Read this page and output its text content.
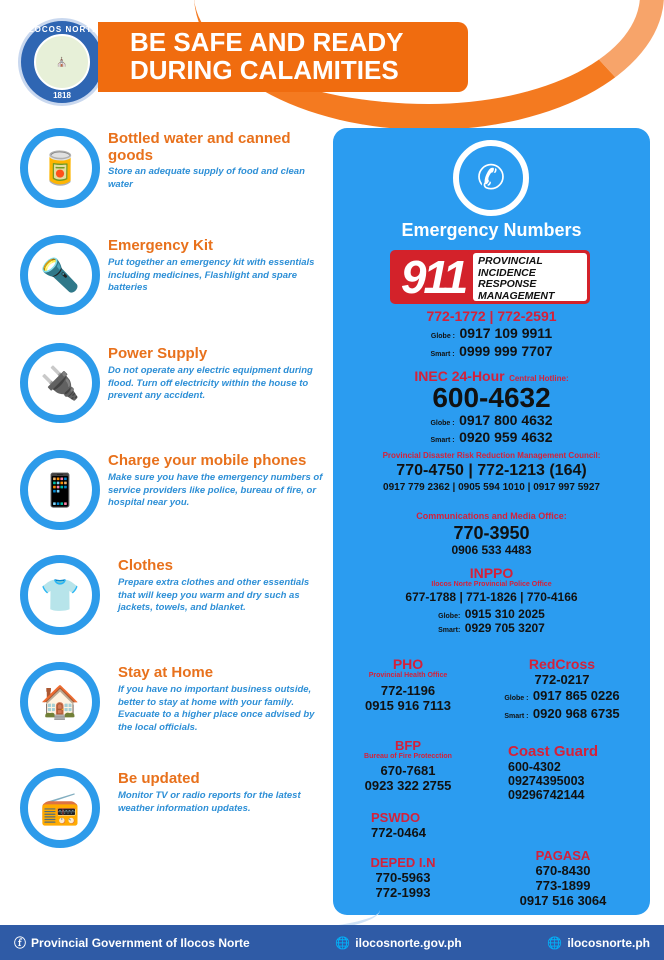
ILOCOS NORTE
⛪
1818
BE SAFE AND READY
DURING CALAMITIES
🥫
Bottled water and canned goods
Store an adequate supply of food and clean water
🔦
Emergency Kit
Put together an emergency kit with essentials including medicines, Flashlight and spare batteries
🔌
Power Supply
Do not operate any electric equipment during flood. Turn off electricity within the house to prevent any accident.
📱
Charge your mobile phones
Make sure you have the emergency numbers of service providers like police, bureau of fire, or hospital near you.
👕
Clothes
Prepare extra clothes and other essentials that will keep you warm and dry such as jackets, towels, and blanket.
🏠
Stay at Home
If you have no important business outside, better to stay at home with your family. Evacuate to a higher place once advised by the local officials.
📻
Be updated
Monitor TV or radio reports for the latest weather information updates.
✆
Emergency Numbers
911	PROVINCIAL INCIDENCE RESPONSE MANAGEMENT
772-1772 | 772-2591
Globe : 0917 109 9911
Smart : 0999 999 7707
INEC 24-Hour Central Hotline:
600-4632
Globe : 0917 800 4632
Smart : 0920 959 4632
Provincial Disaster Risk Reduction Management Council:
770-4750 | 772-1213 (164)
0917 779 2362 | 0905 594 1010 | 0917 997 5927
Communications and Media Office:
770-3950
0906 533 4483
INPPO
Ilocos Norte Provincial Police Office
677-1788 | 771-1826 | 770-4166
Globe: 0915 310 2025
Smart: 0929 705 3207
PHO
Provincial Health Office
772-1196
0915 916 7113
RedCross
772-0217
Globe : 0917 865 0226
Smart : 0920 968 6735
BFP
Bureau of Fire Protecction
670-7681
0923 322 2755
Coast Guard
600-4302
09274395003
09296742144
PSWDO
772-0464
DEPED I.N
770-5963
772-1993
PAGASA
670-8430
773-1899
0917 516 3064
ⓕ Provincial Government of Ilocos Norte	🌐 ilocosnorte.gov.ph	🌐 ilocosnorte.ph
